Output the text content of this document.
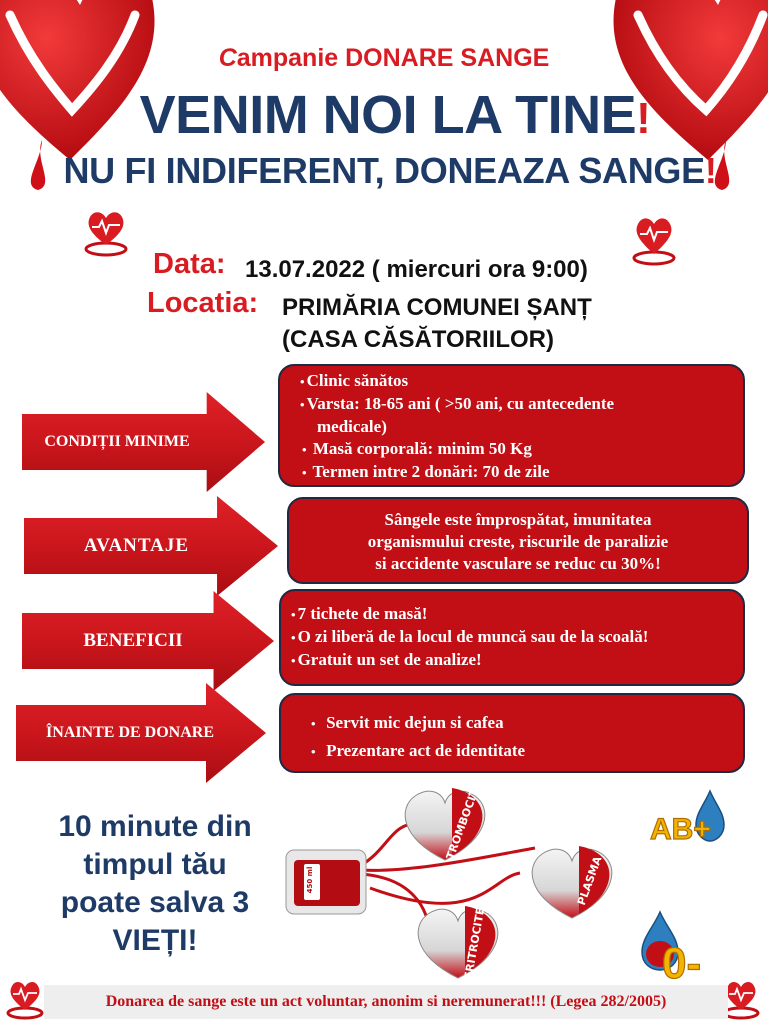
Campanie DONARE SANGE
VENIM NOI LA TINE!
NU FI INDIFERENT, DONEAZA SANGE!
Data: 13.07.2022 ( miercuri ora 9:00)
Locatia: PRIMĂRIA COMUNEI ȘANȚ
(CASA CĂSĂTORIILOR)
CONDIȚII MINIME
• Clinic sănătos
• Varsta: 18-65 ani ( >50 ani, cu antecedente
medicale)
• Masă corporală: minim 50 Kg
• Termen intre 2 donări: 70 de zile
AVANTAJE
Sângele este împrospătat, imunitatea
organismului creste, riscurile de paralizie
si accidente vasculare se reduc cu 30%!
BENEFICII
• 7 tichete de masă!
• O zi liberă de la locul de muncă sau de la scoală!
• Gratuit un set de analize!
ÎNAINTE DE DONARE
• Servit mic dejun si cafea
• Prezentare act de identitate
10 minute din
timpul tău
poate salva 3
VIEȚI!
450 ml
TROMBOCITE
PLASMA
ERITROCITE
AB+
0-
Donarea de sange este un act voluntar, anonim si neremunerat!!! (Legea 282/2005)
